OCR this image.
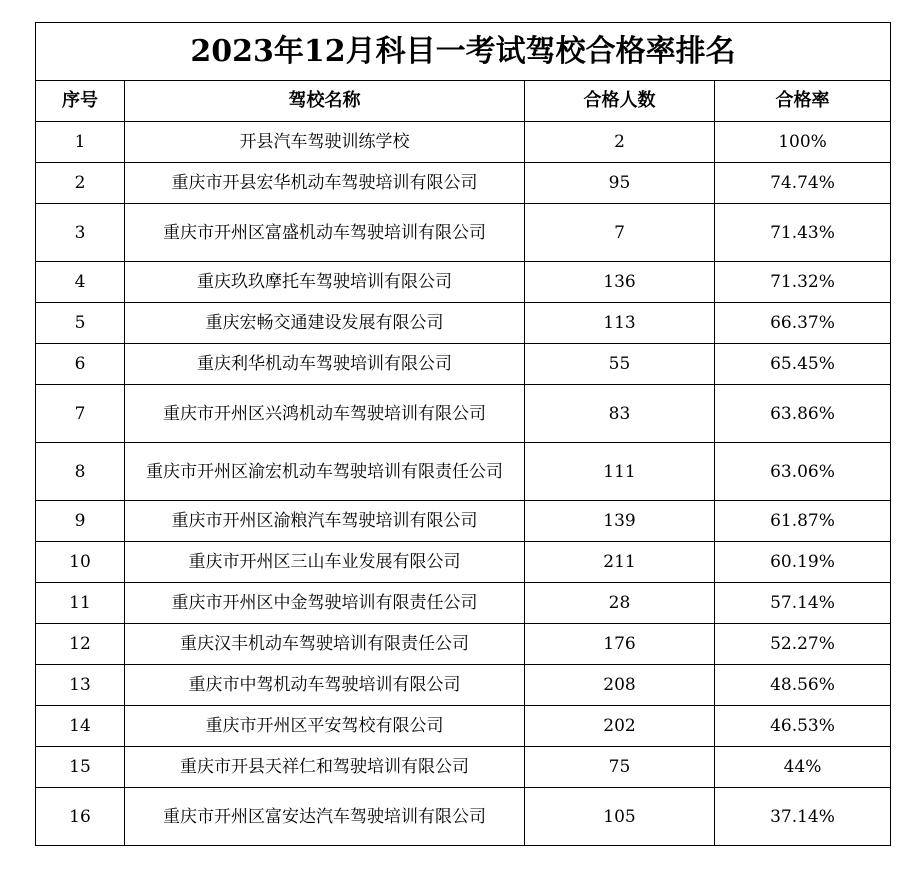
2023年12月科目一考试驾校合格率排名			
序号	驾校名称	合格人数	合格率
1	开县汽车驾驶训练学校	2	100%
2	重庆市开县宏华机动车驾驶培训有限公司	95	74.74%
3	重庆市开州区富盛机动车驾驶培训有限公司	7	71.43%
4	重庆玖玖摩托车驾驶培训有限公司	136	71.32%
5	重庆宏畅交通建设发展有限公司	113	66.37%
6	重庆利华机动车驾驶培训有限公司	55	65.45%
7	重庆市开州区兴鸿机动车驾驶培训有限公司	83	63.86%
8	重庆市开州区渝宏机动车驾驶培训有限责任公司	111	63.06%
9	重庆市开州区渝粮汽车驾驶培训有限公司	139	61.87%
10	重庆市开州区三山车业发展有限公司	211	60.19%
11	重庆市开州区中金驾驶培训有限责任公司	28	57.14%
12	重庆汉丰机动车驾驶培训有限责任公司	176	52.27%
13	重庆市中驾机动车驾驶培训有限公司	208	48.56%
14	重庆市开州区平安驾校有限公司	202	46.53%
15	重庆市开县天祥仁和驾驶培训有限公司	75	44%
16	重庆市开州区富安达汽车驾驶培训有限公司	105	37.14%
